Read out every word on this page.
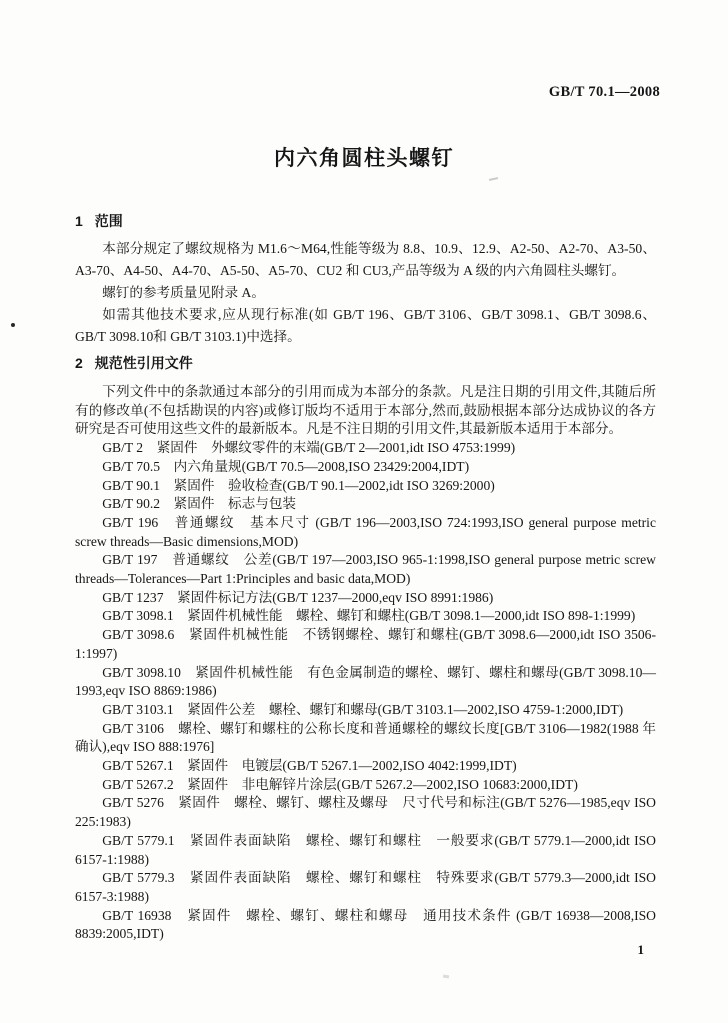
GB/T 70.1—2008
内六角圆柱头螺钉

1 范围

本部分规定了螺纹规格为 M1.6～M64,性能等级为 8.8、10.9、12.9、A2-50、A2-70、A3-50、A3-70、A4-50、A4-70、A5-50、A5-70、CU2 和 CU3,产品等级为 A 级的内六角圆柱头螺钉。

螺钉的参考质量见附录 A。

如需其他技术要求,应从现行标准(如 GB/T 196、GB/T 3106、GB/T 3098.1、GB/T 3098.6、GB/T 3098.10和 GB/T 3103.1)中选择。

2 规范性引用文件

下列文件中的条款通过本部分的引用而成为本部分的条款。凡是注日期的引用文件,其随后所有的修改单(不包括勘误的内容)或修订版均不适用于本部分,然而,鼓励根据本部分达成协议的各方研究是否可使用这些文件的最新版本。凡是不注日期的引用文件,其最新版本适用于本部分。

GB/T 2　紧固件　外螺纹零件的末端(GB/T 2—2001,idt ISO 4753:1999)

GB/T 70.5　内六角量规(GB/T 70.5—2008,ISO 23429:2004,IDT)

GB/T 90.1　紧固件　验收检查(GB/T 90.1—2002,idt ISO 3269:2000)

GB/T 90.2　紧固件　标志与包装

GB/T 196　普通螺纹　基本尺寸 (GB/T 196—2003,ISO 724:1993,ISO general purpose metric screw threads—Basic dimensions,MOD)

GB/T 197　普通螺纹　公差(GB/T 197—2003,ISO 965-1:1998,ISO general purpose metric screw threads—Tolerances—Part 1:Principles and basic data,MOD)

GB/T 1237　紧固件标记方法(GB/T 1237—2000,eqv ISO 8991:1986)

GB/T 3098.1　紧固件机械性能　螺栓、螺钉和螺柱(GB/T 3098.1—2000,idt ISO 898-1:1999)

GB/T 3098.6　紧固件机械性能　不锈钢螺栓、螺钉和螺柱(GB/T 3098.6—2000,idt ISO 3506-1:1997)

GB/T 3098.10　紧固件机械性能　有色金属制造的螺栓、螺钉、螺柱和螺母(GB/T 3098.10—1993,eqv ISO 8869:1986)

GB/T 3103.1　紧固件公差　螺栓、螺钉和螺母(GB/T 3103.1—2002,ISO 4759-1:2000,IDT)

GB/T 3106　螺栓、螺钉和螺柱的公称长度和普通螺栓的螺纹长度[GB/T 3106—1982(1988 年确认),eqv ISO 888:1976]

GB/T 5267.1　紧固件　电镀层(GB/T 5267.1—2002,ISO 4042:1999,IDT)

GB/T 5267.2　紧固件　非电解锌片涂层(GB/T 5267.2—2002,ISO 10683:2000,IDT)

GB/T 5276　紧固件　螺栓、螺钉、螺柱及螺母　尺寸代号和标注(GB/T 5276—1985,eqv ISO 225:1983)

GB/T 5779.1　紧固件表面缺陷　螺栓、螺钉和螺柱　一般要求(GB/T 5779.1—2000,idt ISO 6157-1:1988)

GB/T 5779.3　紧固件表面缺陷　螺栓、螺钉和螺柱　特殊要求(GB/T 5779.3—2000,idt ISO 6157-3:1988)

GB/T 16938　紧固件　螺栓、螺钉、螺柱和螺母　通用技术条件 (GB/T 16938—2008,ISO 8839:2005,IDT)

1
